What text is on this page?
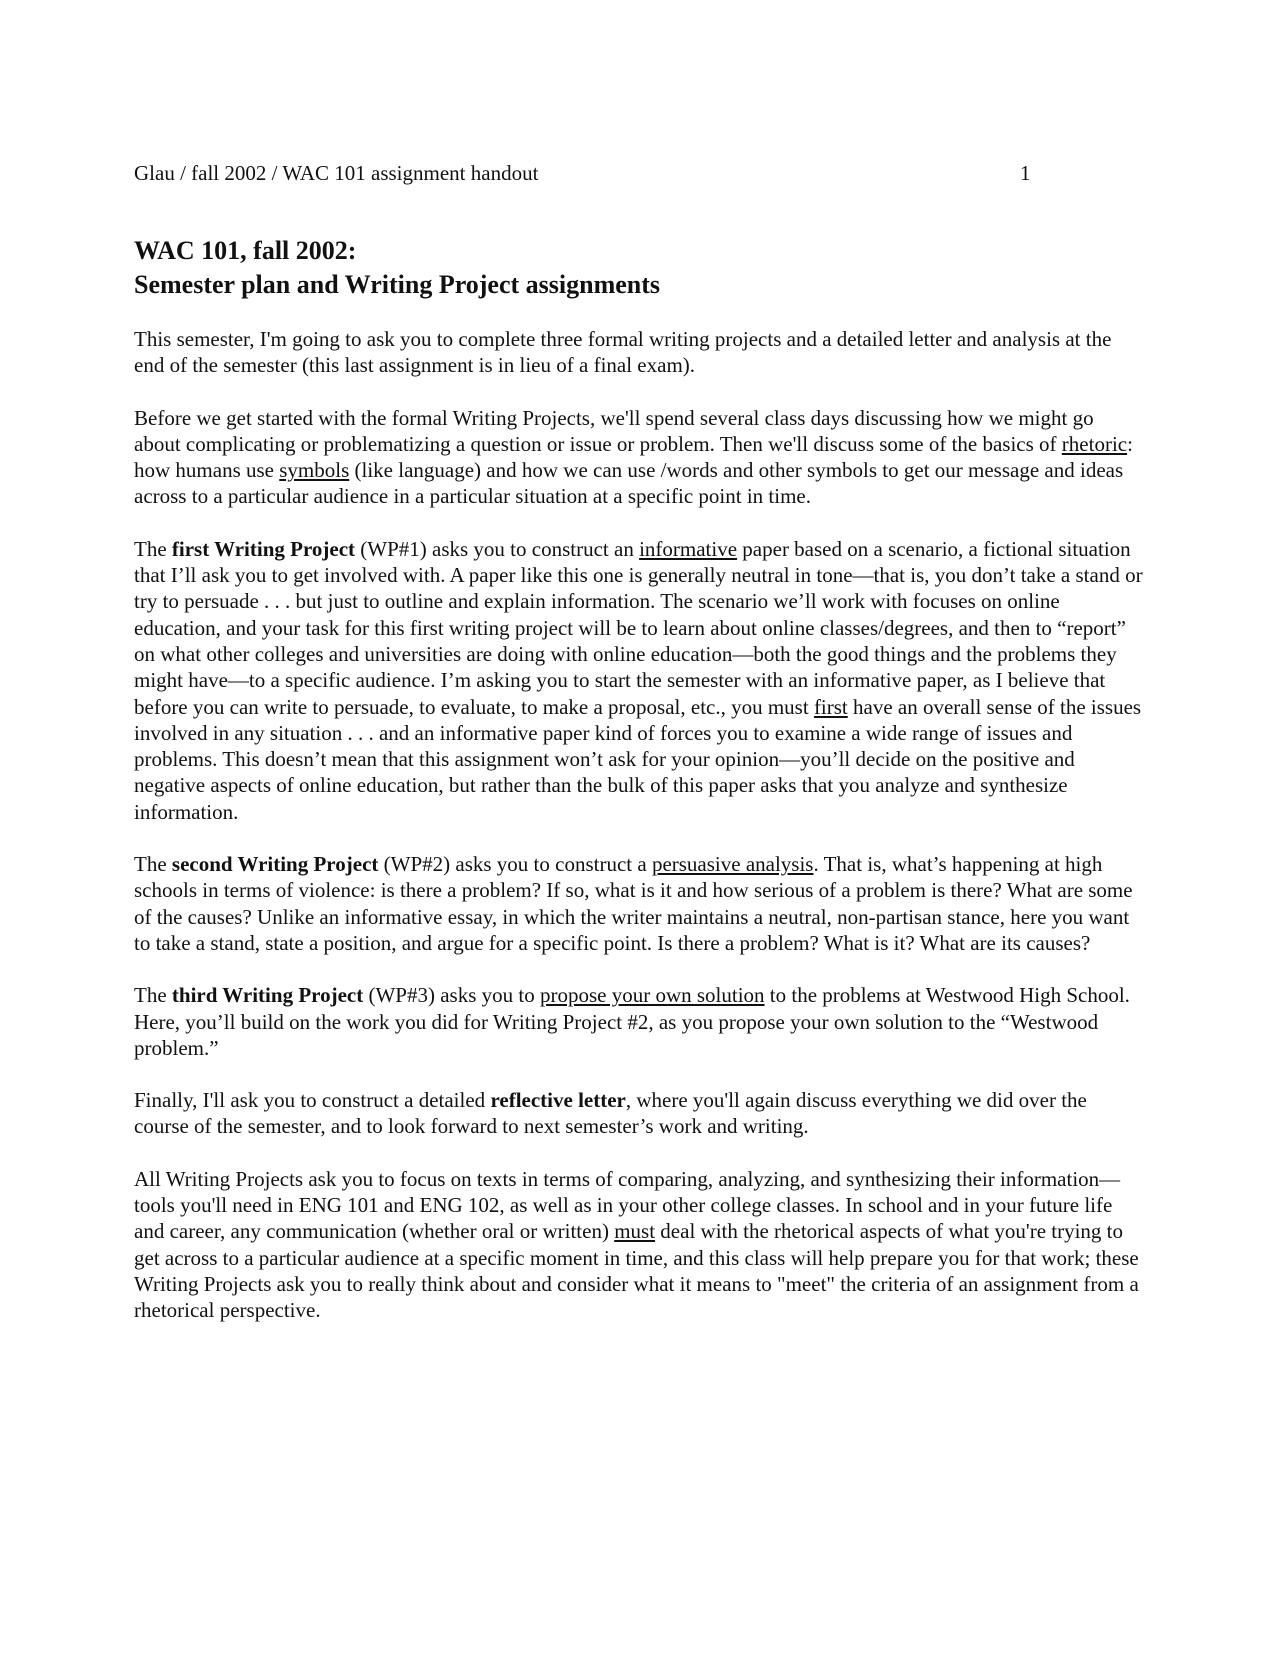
Glau / fall 2002 / WAC 101 assignment handout	1
WAC 101, fall 2002:
Semester plan and Writing Project assignments

This semester, I'm going to ask you to complete three formal writing projects and a detailed letter and analysis at the end of the semester (this last assignment is in lieu of a final exam).

Before we get started with the formal Writing Projects, we'll spend several class days discussing how we might go about complicating or problematizing a question or issue or problem. Then we'll discuss some of the basics of rhetoric: how humans use symbols (like language) and how we can use /words and other symbols to get our message and ideas across to a particular audience in a particular situation at a specific point in time.

The first Writing Project (WP#1) asks you to construct an informative paper based on a scenario, a fictional situation that I’ll ask you to get involved with. A paper like this one is generally neutral in tone—that is, you don’t take a stand or try to persuade . . . but just to outline and explain information. The scenario we’ll work with focuses on online education, and your task for this first writing project will be to learn about online classes/degrees, and then to “report” on what other colleges and universities are doing with online education—both the good things and the problems they might have—to a specific audience. I’m asking you to start the semester with an informative paper, as I believe that before you can write to persuade, to evaluate, to make a proposal, etc., you must first have an overall sense of the issues involved in any situation . . . and an informative paper kind of forces you to examine a wide range of issues and problems. This doesn’t mean that this assignment won’t ask for your opinion—you’ll decide on the positive and negative aspects of online education, but rather than the bulk of this paper asks that you analyze and synthesize information.

The second Writing Project (WP#2) asks you to construct a persuasive analysis. That is, what’s happening at high schools in terms of violence: is there a problem? If so, what is it and how serious of a problem is there? What are some of the causes? Unlike an informative essay, in which the writer maintains a neutral, non-partisan stance, here you want to take a stand, state a position, and argue for a specific point. Is there a problem? What is it? What are its causes?

The third Writing Project (WP#3) asks you to propose your own solution to the problems at Westwood High School. Here, you’ll build on the work you did for Writing Project #2, as you propose your own solution to the “Westwood problem.”

Finally, I'll ask you to construct a detailed reflective letter, where you'll again discuss everything we did over the course of the semester, and to look forward to next semester’s work and writing.

All Writing Projects ask you to focus on texts in terms of comparing, analyzing, and synthesizing their information—tools you'll need in ENG 101 and ENG 102, as well as in your other college classes. In school and in your future life and career, any communication (whether oral or written) must deal with the rhetorical aspects of what you're trying to get across to a particular audience at a specific moment in time, and this class will help prepare you for that work; these Writing Projects ask you to really think about and consider what it means to "meet" the criteria of an assignment from a rhetorical perspective.
